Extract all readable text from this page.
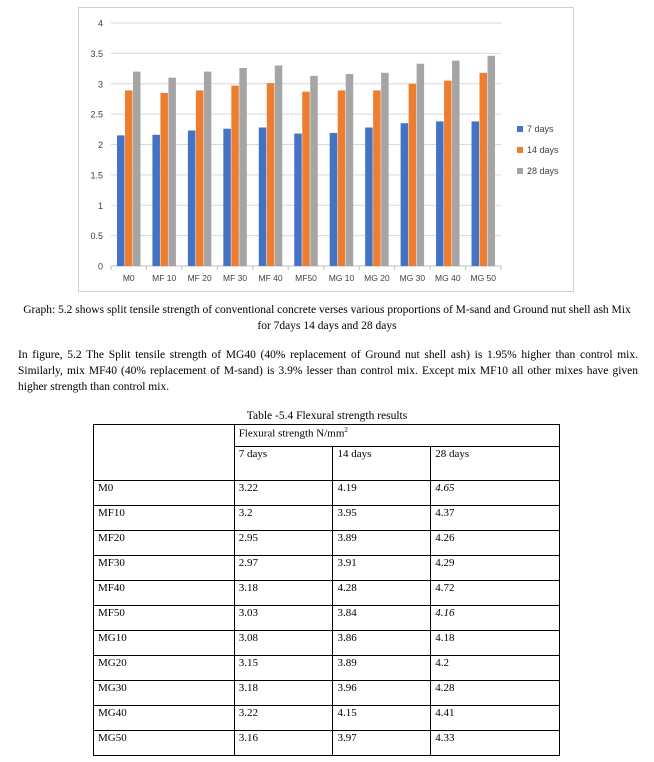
0
0.5
1
1.5
2
2.5
3
3.5
4
M0 MF 10 MF 20 MF 30 MF 40 MF50 MG 10 MG 20 MG 30 MG 40 MG 50
7 days
14 days
28 days
Graph: 5.2 shows split tensile strength of conventional concrete verses various proportions of M-sand and Ground nut shell ash Mix
for 7days 14 days and 28 days
In figure, 5.2 The Split tensile strength of MG40 (40% replacement of Ground nut shell ash) is 1.95% higher than control mix. Similarly, mix MF40 (40% replacement of M-sand) is 3.9% lesser than control mix. Except mix MF10 all other mixes have given higher strength than control mix.
Table -5.4 Flexural strength results
	Flexural strength $N/mm^2$
	7 days	14 days	28 days
M0	3.22	4.19	4.65
MF10	3.2	3.95	4.37
MF20	2.95	3.89	4.26
MF30	2.97	3.91	4.29
MF40	3.18	4.28	4.72
MF50	3.03	3.84	4.16
MG10	3.08	3.86	4.18
MG20	3.15	3.89	4.2
MG30	3.18	3.96	4.28
MG40	3.22	4.15	4.41
MG50	3.16	3.97	4.33
